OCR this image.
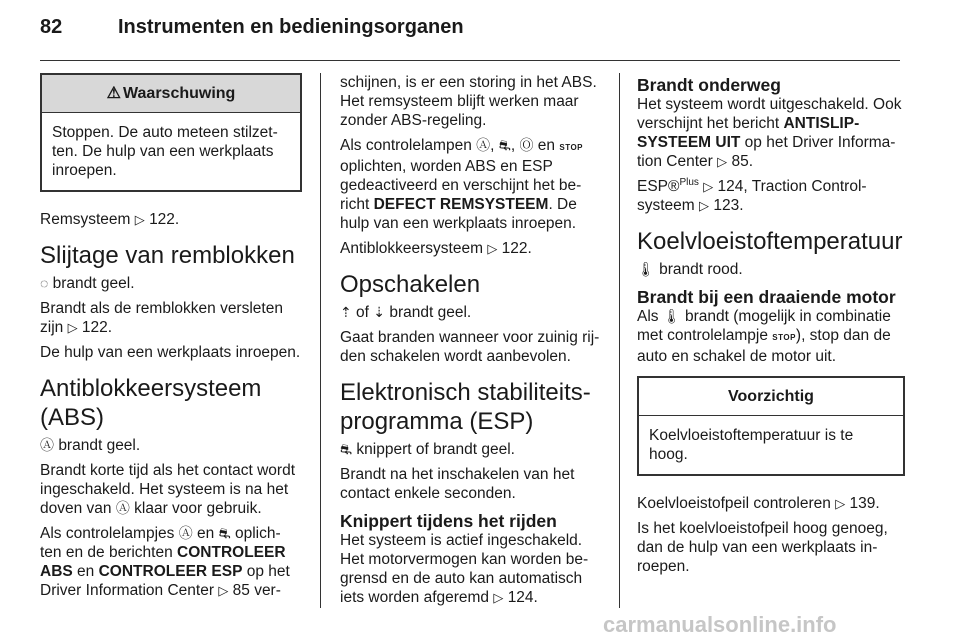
82	Instrumenten en bedieningsorganen
⚠ Waarschuwing
Stoppen. De auto meteen stilzet-ten. De hulp van een werkplaats inroepen.

Remsysteem ▷ 122.

Slijtage van remblokken

◌ brandt geel.

Brandt als de remblokken versleten zijn ▷ 122.

De hulp van een werkplaats inroepen.

Antiblokkeersysteem (ABS)

Ⓐ brandt geel.

Brandt korte tijd als het contact wordt ingeschakeld. Het systeem is na het doven van Ⓐ klaar voor gebruik.

Als controlelampjes Ⓐ en ⛐ oplich-ten en de berichten CONTROLEER ABS en CONTROLEER ESP op het Driver Information Center ▷ 85 ver-

schijnen, is er een storing in het ABS. Het remsysteem blijft werken maar zonder ABS-regeling.

Als controlelampen Ⓐ, ⛐, Ⓞ en STOP oplichten, worden ABS en ESP gedeactiveerd en verschijnt het be-richt DEFECT REMSYSTEEM. De hulp van een werkplaats inroepen.

Antiblokkeersysteem ▷ 122.

Opschakelen

⇡ of ⇣ brandt geel.

Gaat branden wanneer voor zuinig rij-den schakelen wordt aanbevolen.

Elektronisch stabiliteits-programma (ESP)

⛐ knippert of brandt geel.

Brandt na het inschakelen van het contact enkele seconden.

Knippert tijdens het rijden

Het systeem is actief ingeschakeld. Het motorvermogen kan worden be-grensd en de auto kan automatisch iets worden afgeremd ▷ 124.

Brandt onderweg

Het systeem wordt uitgeschakeld. Ook verschijnt het bericht ANTISLIP-SYSTEEM UIT op het Driver Informa-tion Center ▷ 85.

ESP®$^{Plus}$ ▷ 124, Traction Control-systeem ▷ 123.

Koelvloeistoftemperatuur

🌡 brandt rood.

Brandt bij een draaiende motor

Als 🌡 brandt (mogelijk in combinatie met controlelampje STOP), stop dan de auto en schakel de motor uit.

Voorzichtig
Koelvloeistoftemperatuur is te hoog.

Koelvloeistofpeil controleren ▷ 139.

Is het koelvloeistofpeil hoog genoeg, dan de hulp van een werkplaats in-roepen.

carmanualsonline.info
